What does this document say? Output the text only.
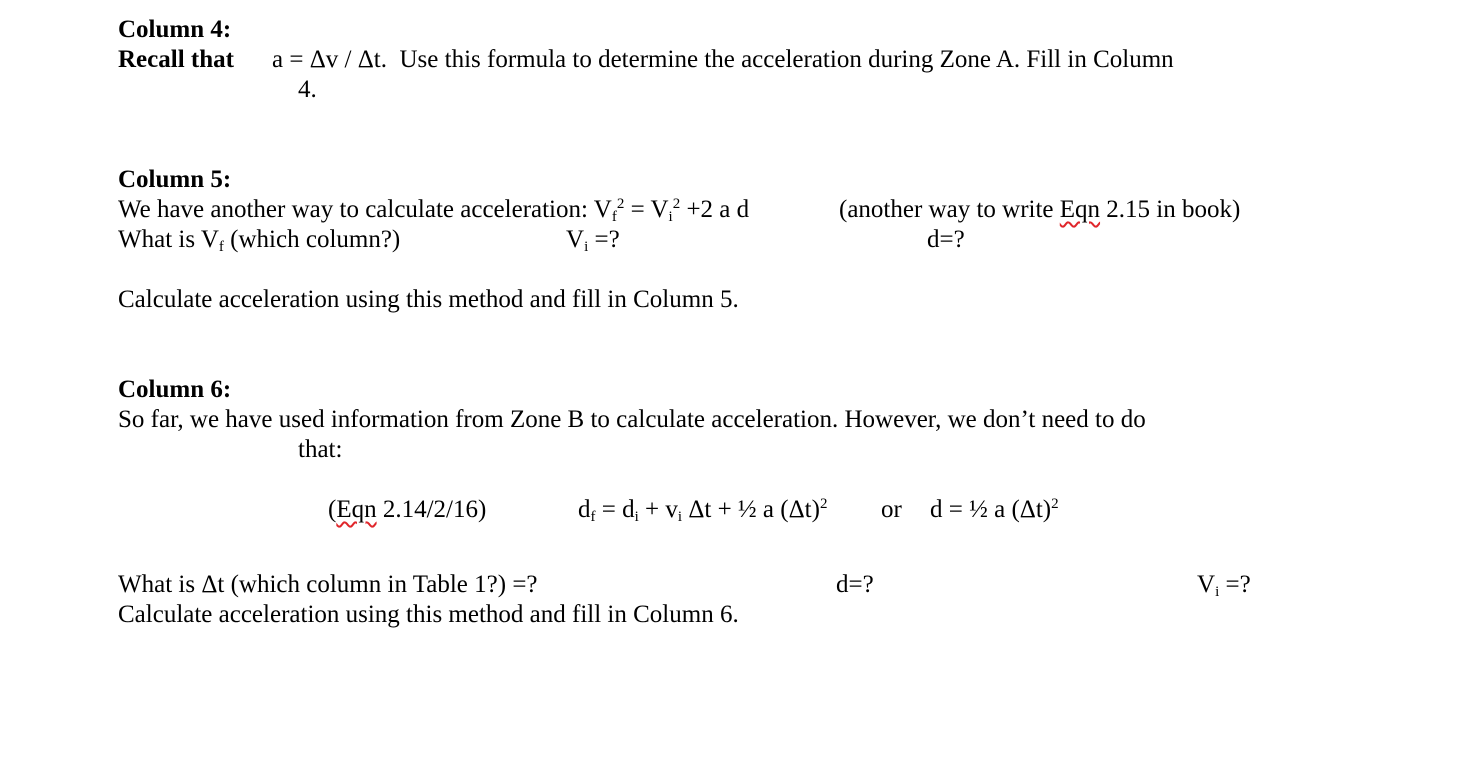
Column 4:
Recall that a = Δv / Δt. Use this formula to determine the acceleration during Zone A. Fill in Column
4.
Column 5:
We have another way to calculate acceleration: $V_f^2 = V_i^2 +2$ a d	(another way to write Eqn 2.15 in book)
What is $V_f$ (which column?)	$V_i$ =?	d=?
Calculate acceleration using this method and fill in Column 5.
Column 6:
So far, we have used information from Zone B to calculate acceleration. However, we don’t need to do
that:
(Eqn 2.14/2/16)	$d_f = d_i + v_i$ Δt + ½ a $(\Delta t)^2$ or d = ½ a $(\Delta t)^2$
What is Δt (which column in Table 1?) =?	d=?	$V_i$ =?
Calculate acceleration using this method and fill in Column 6.
